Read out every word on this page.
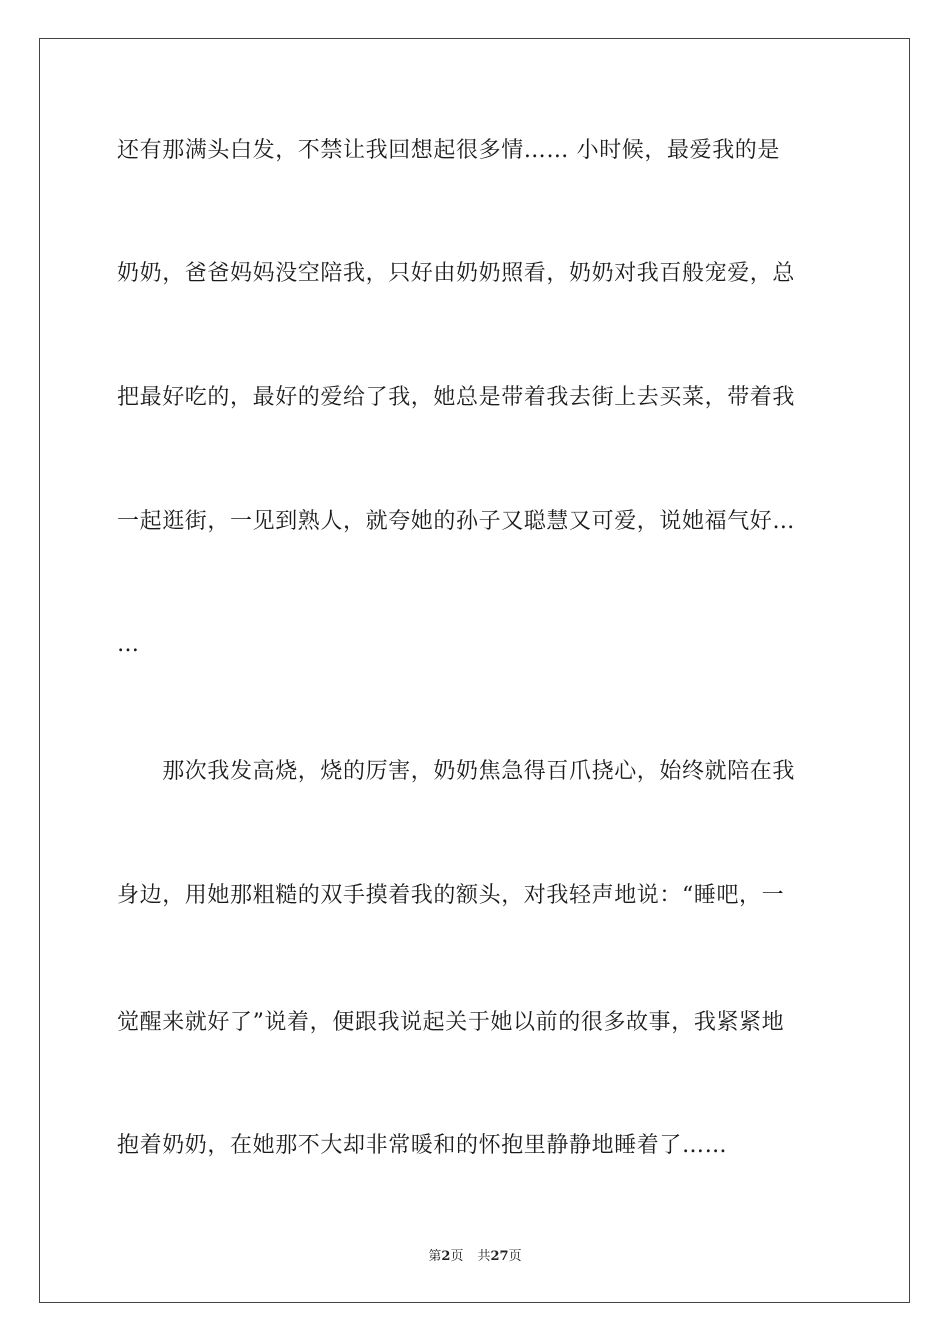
还有那满头白发，不禁让我回想起很多情…… 小时候，最爱我的是
奶奶，爸爸妈妈没空陪我，只好由奶奶照看，奶奶对我百般宠爱，总
把最好吃的，最好的爱给了我，她总是带着我去街上去买菜，带着我
一起逛街，一见到熟人，就夸她的孙子又聪慧又可爱，说她福气好…
…
　　那次我发高烧，烧的厉害，奶奶焦急得百爪挠心，始终就陪在我
身边，用她那粗糙的双手摸着我的额头，对我轻声地说：“睡吧，一
觉醒来就好了”说着，便跟我说起关于她以前的很多故事，我紧紧地
抱着奶奶，在她那不大却非常暖和的怀抱里静静地睡着了……
第2页 共27页
